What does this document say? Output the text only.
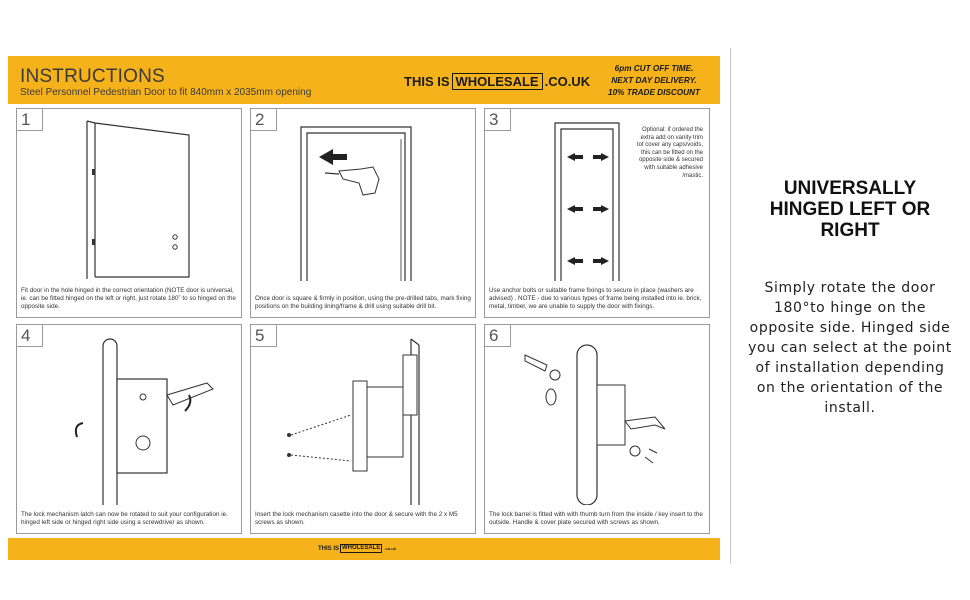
INSTRUCTIONS
Steel Personnel Pedestrian Door to fit 840mm x 2035mm opening
THIS IS WHOLESALE .CO.UK
6pm CUT OFF TIME.
NEXT DAY DELIVERY.
10% TRADE DISCOUNT
1
Fit door in the hole hinged in the correct orientation (NOTE door is universal, ie. can be fitted hinged on the left or right, just rotate 180˚ to so hinged on the opposite side.
2
Once door is square & firmly in position, using the pre-drilled tabs, mark fixing positions on the building lining/frame & drill using suitable drill bit.
3
Optional: if ordered the extra add on vanity trim tot cover any caps/voids, this can be fitted on the opposite side & secured with suitable adhesive /mastic.
Use anchor bolts or suitable frame fixings to secure in place (washers are advised) . NOTE - due to various types of frame being installed into ie. brick, metal, timber, we are unable to supply the door with fixings.
4
The lock mechanism latch can now be rotated to suit your configuration ie. hinged left side or hinged right side using a screwdriver as shown.
5
Insert the lock mechanism casette into the door & secure with the 2 x M5 screws as shown.
6
The lock barrel is fitted with with thumb turn from the inside / key insert to the outside. Handle & cover plate secured with screws as shown.
THIS IS WHOLESALE	.co.uk
UNIVERSALLY
HINGED LEFT OR
RIGHT
Simply rotate the door 180°to hinge on the opposite side. Hinged side you can select at the point of installation depending on the orientation of the install.
